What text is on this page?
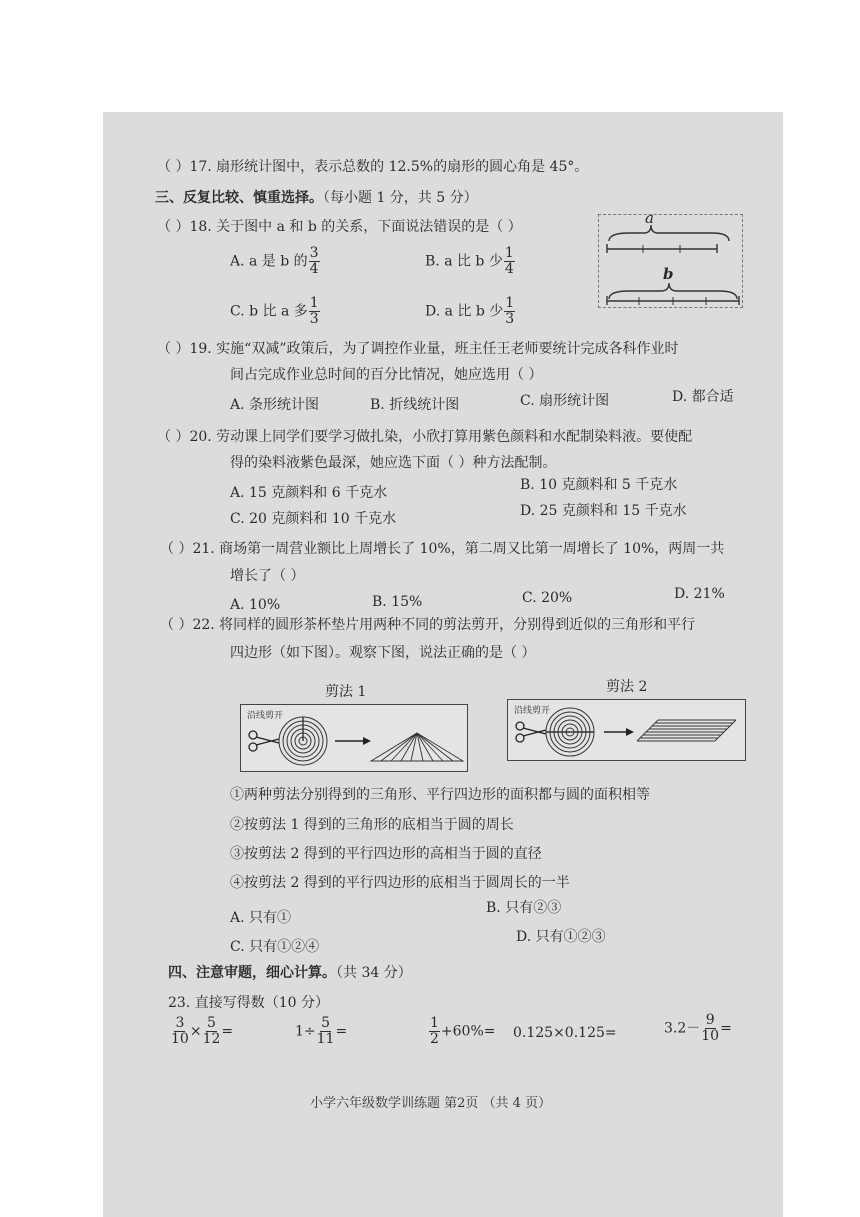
（ ）17. 扇形统计图中，表示总数的 12.5%的扇形的圆心角是 45°。
三、反复比较、慎重选择。（每小题 1 分，共 5 分）
（ ）18. 关于图中 a 和 b 的关系，下面说法错误的是（ ）
A. a 是 b 的 $\frac{3}{4}$	B. a 比 b 少 $\frac{1}{4}$
C. b 比 a 多 $\frac{1}{3}$	D. a 比 b 少 $\frac{1}{3}$
a
b
（ ）19. 实施“双减”政策后，为了调控作业量，班主任王老师要统计完成各科作业时
间占完成作业总时间的百分比情况，她应选用（ ）
A. 条形统计图	B. 折线统计图	C. 扇形统计图	D. 都合适
（ ）20. 劳动课上同学们要学习做扎染，小欣打算用紫色颜料和水配制染料液。要使配
得的染料液紫色最深，她应选下面（ ）种方法配制。
A. 15 克颜料和 6 千克水	B. 10 克颜料和 5 千克水
C. 20 克颜料和 10 千克水	D. 25 克颜料和 15 千克水
（ ）21. 商场第一周营业额比上周增长了 10%，第二周又比第一周增长了 10%，两周一共
增长了（ ）
A. 10%	B. 15%	C. 20%	D. 21%
（ ）22. 将同样的圆形茶杯垫片用两种不同的剪法剪开，分别得到近似的三角形和平行
四边形（如下图）。观察下图，说法正确的是（ ）
剪法 1	剪法 2
沿线剪开	沿线剪开
①两种剪法分别得到的三角形、平行四边形的面积都与圆的面积相等
②按剪法 1 得到的三角形的底相当于圆的周长
③按剪法 2 得到的平行四边形的高相当于圆的直径
④按剪法 2 得到的平行四边形的底相当于圆周长的一半
A. 只有①
B. 只有②③
C. 只有①②④
D. 只有①②③
四、注意审题，细心计算。（共 34 分）
23. 直接写得数（10 分）
$\frac{3}{10} \times \frac{5}{12}$ =	$1\div \frac{5}{11}$ =	$\frac{1}{2} +60\%= 0.125\times 0.125=$	$3.2- \frac{9}{10}$ =
小学六年级数学训练题 第2页 （共 4 页）
